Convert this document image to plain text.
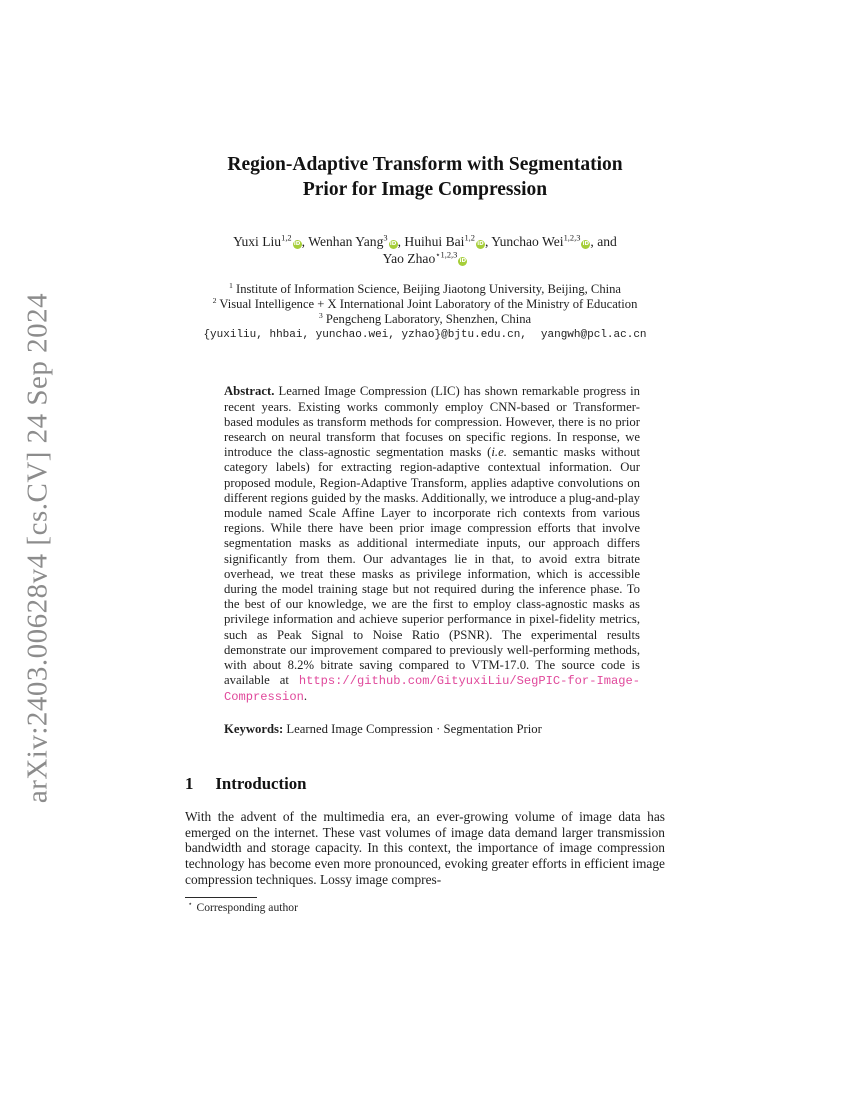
arXiv:2403.00628v4 [cs.CV] 24 Sep 2024
Region-Adaptive Transform with Segmentation
Prior for Image Compression
Yuxi Liu$^{1,2}$iD, Wenhan Yang$^3$iD, Huihui Bai$^{1,2}$iD, Yunchao Wei$^{1,2,3}$iD, and
Yao Zhao$^{⋆1,2,3}$iD
$^1$ Institute of Information Science, Beijing Jiaotong University, Beijing, China
$^2$ Visual Intelligence + X International Joint Laboratory of the Ministry of Education
$^3$ Pengcheng Laboratory, Shenzhen, China
{yuxiliu, hhbai, yunchao.wei, yzhao}@bjtu.edu.cn, yangwh@pcl.ac.cn
Abstract. Learned Image Compression (LIC) has shown remarkable progress in recent years. Existing works commonly employ CNN-based or Transformer-based modules as transform methods for compression. However, there is no prior research on neural transform that focuses on specific regions. In response, we introduce the class-agnostic segmentation masks (i.e. semantic masks without category labels) for extracting region-adaptive contextual information. Our proposed module, Region-Adaptive Transform, applies adaptive convolutions on different regions guided by the masks. Additionally, we introduce a plug-and-play module named Scale Affine Layer to incorporate rich contexts from various regions. While there have been prior image compression efforts that involve segmentation masks as additional intermediate inputs, our approach differs significantly from them. Our advantages lie in that, to avoid extra bitrate overhead, we treat these masks as privilege information, which is accessible during the model training stage but not required during the inference phase. To the best of our knowledge, we are the first to employ class-agnostic masks as privilege information and achieve superior performance in pixel-fidelity metrics, such as Peak Signal to Noise Ratio (PSNR). The experimental results demonstrate our improvement compared to previously well-performing methods, with about 8.2% bitrate saving compared to VTM-17.0. The source code is available at https://github.com/GityuxiLiu/SegPIC-for-Image-Compression.
Keywords: Learned Image Compression · Segmentation Prior
1 Introduction
With the advent of the multimedia era, an ever-growing volume of image data has emerged on the internet. These vast volumes of image data demand larger transmission bandwidth and storage capacity. In this context, the importance of image compression technology has become even more pronounced, evoking greater efforts in efficient image compression techniques. Lossy image compres-
⋆ Corresponding author
